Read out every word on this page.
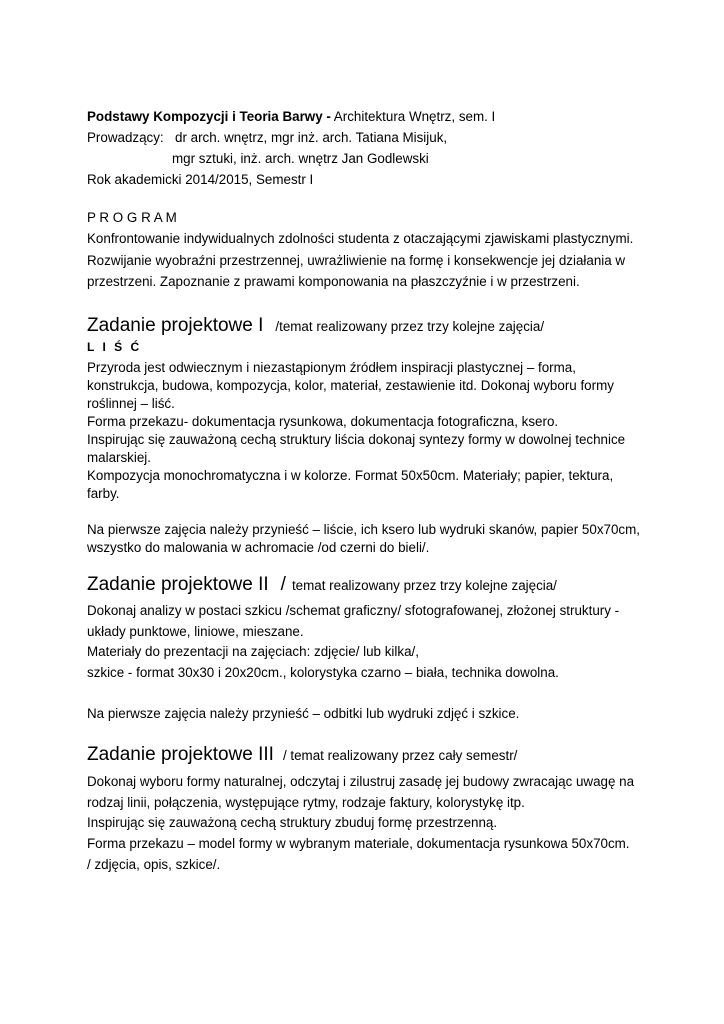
Podstawy Kompozycji i Teoria Barwy - Architektura Wnętrz, sem. I
Prowadzący: dr arch. wnętrz, mgr inż. arch. Tatiana Misijuk,
mgr sztuki, inż. arch. wnętrz Jan Godlewski
Rok akademicki 2014/2015, Semestr I
P R O G R A M
Konfrontowanie indywidualnych zdolności studenta z otaczającymi zjawiskami plastycznymi.
Rozwijanie wyobraźni przestrzennej, uwrażliwienie na formę i konsekwencje jej działania w
przestrzeni. Zapoznanie z prawami komponowania na płaszczyźnie i w przestrzeni.
Zadanie projektowe I /temat realizowany przez trzy kolejne zajęcia/
L I Ś Ć
Przyroda jest odwiecznym i niezastąpionym źródłem inspiracji plastycznej – forma,
konstrukcja, budowa, kompozycja, kolor, materiał, zestawienie itd. Dokonaj wyboru formy
roślinnej – liść.
Forma przekazu- dokumentacja rysunkowa, dokumentacja fotograficzna, ksero.
Inspirując się zauważoną cechą struktury liścia dokonaj syntezy formy w dowolnej technice
malarskiej.
Kompozycja monochromatyczna i w kolorze. Format 50x50cm. Materiały; papier, tektura,
farby.
Na pierwsze zajęcia należy przynieść – liście, ich ksero lub wydruki skanów, papier 50x70cm,
wszystko do malowania w achromacie /od czerni do bieli/.
Zadanie projektowe II / temat realizowany przez trzy kolejne zajęcia/
Dokonaj analizy w postaci szkicu /schemat graficzny/ sfotografowanej, złożonej struktury -
układy punktowe, liniowe, mieszane.
Materiały do prezentacji na zajęciach: zdjęcie/ lub kilka/,
szkice - format 30x30 i 20x20cm., kolorystyka czarno – biała, technika dowolna.
Na pierwsze zajęcia należy przynieść – odbitki lub wydruki zdjęć i szkice.
Zadanie projektowe III / temat realizowany przez cały semestr/
Dokonaj wyboru formy naturalnej, odczytaj i zilustruj zasadę jej budowy zwracając uwagę na
rodzaj linii, połączenia, występujące rytmy, rodzaje faktury, kolorystykę itp.
Inspirując się zauważoną cechą struktury zbuduj formę przestrzenną.
Forma przekazu – model formy w wybranym materiale, dokumentacja rysunkowa 50x70cm.
/ zdjęcia, opis, szkice/.
